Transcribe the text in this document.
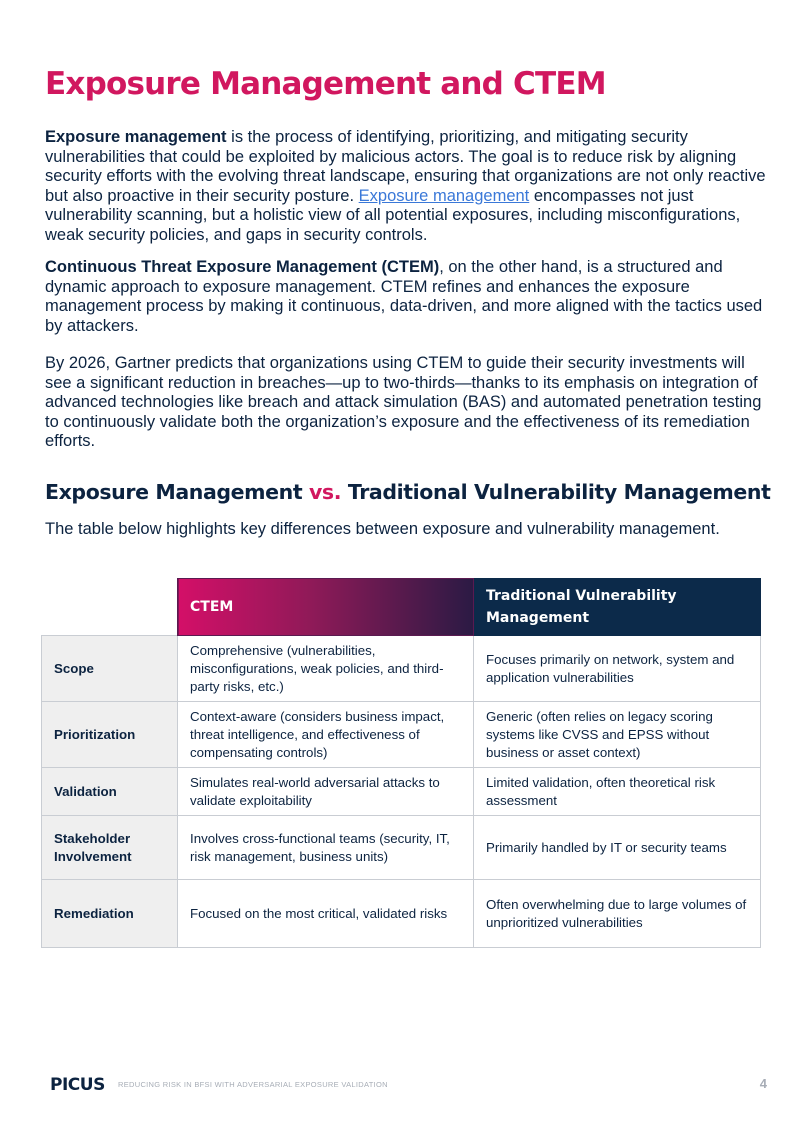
Exposure Management and CTEM

Exposure management is the process of identifying, prioritizing, and mitigating security vulnerabilities that could be exploited by malicious actors. The goal is to reduce risk by aligning security efforts with the evolving threat landscape, ensuring that organizations are not only reactive but also proactive in their security posture. Exposure management encompasses not just vulnerability scanning, but a holistic view of all potential exposures, including misconfigurations, weak security policies, and gaps in security controls.

Continuous Threat Exposure Management (CTEM), on the other hand, is a structured and dynamic approach to exposure management. CTEM refines and enhances the exposure management process by making it continuous, data-driven, and more aligned with the tactics used by attackers.

By 2026, Gartner predicts that organizations using CTEM to guide their security investments will see a significant reduction in breaches—up to two-thirds—thanks to its emphasis on integration of advanced technologies like breach and attack simulation (BAS) and automated penetration testing to continuously validate both the organization’s exposure and the effectiveness of its remediation efforts.

Exposure Management vs. Traditional Vulnerability Management

The table below highlights key differences between exposure and vulnerability management.

	CTEM	Traditional Vulnerability Management
Scope	Comprehensive (vulnerabilities, misconfigurations, weak policies, and third-party risks, etc.)	Focuses primarily on network, system and application vulnerabilities
Prioritization	Context-aware (considers business impact, threat intelligence, and effectiveness of compensating controls)	Generic (often relies on legacy scoring systems like CVSS and EPSS without business or asset context)
Validation	Simulates real-world adversarial attacks to validate exploitability	Limited validation, often theoretical risk assessment
Stakeholder Involvement	Involves cross-functional teams (security, IT, risk management, business units)	Primarily handled by IT or security teams
Remediation	Focused on the most critical, validated risks	Often overwhelming due to large volumes of unprioritized vulnerabilities
PICUS REDUCING RISK IN BFSI WITH ADVERSARIAL EXPOSURE VALIDATION	4
